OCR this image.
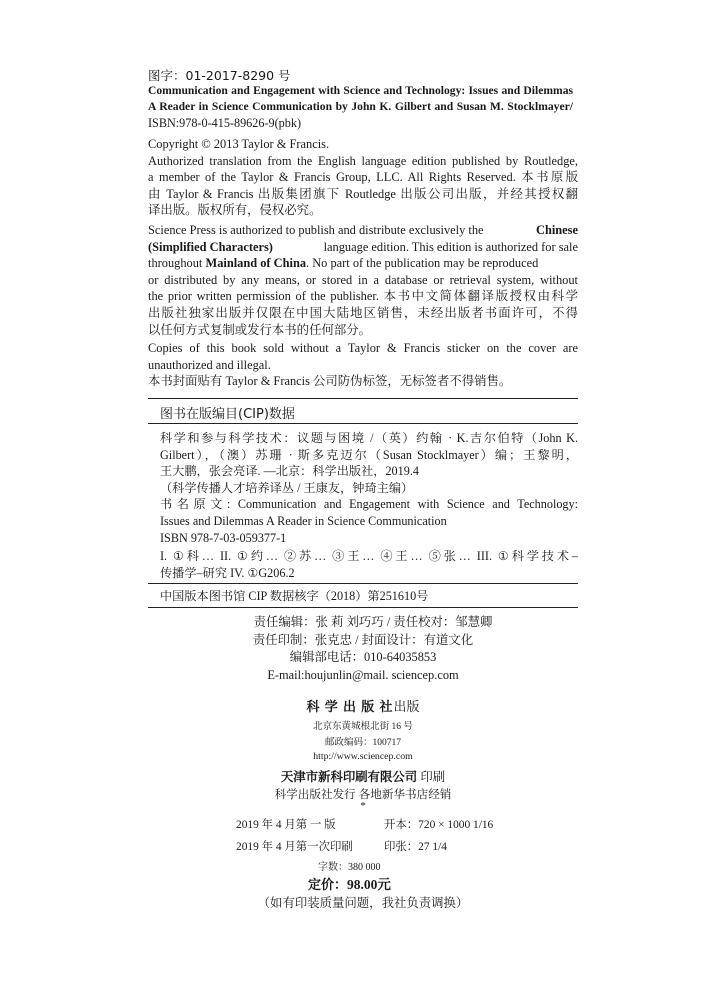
图字：01-2017-8290 号
Communication and Engagement with Science and Technology: Issues and Dilemmas
A Reader in Science Communication by John K. Gilbert and Susan M. Stocklmayer/
ISBN:978-0-415-89626-9(pbk)
Copyright © 2013 Taylor & Francis.
Authorized translation from the English language edition published by Routledge,
a member of the Taylor & Francis Group, LLC. All Rights Reserved. 本书原版
由 Taylor & Francis 出版集团旗下 Routledge 出版公司出版，并经其授权翻
译出版。版权所有，侵权必究。
Science Press is authorized to publish and distribute exclusively the	Chinese
(Simplified Characters)	language edition. This edition is authorized for sale
throughout
Mainland of China . No part of the publication may be reproduced
or distributed by any means, or stored in a database or retrieval system, without
the prior written permission of the publisher. 本书中文简体翻译版授权由科学
出版社独家出版并仅限在中国大陆地区销售，未经出版者书面许可，不得
以任何方式复制或发行本书的任何部分。
Copies of this book sold without a Taylor & Francis sticker on the cover are
unauthorized and illegal.
本书封面贴有 Taylor & Francis 公司防伪标签，无标签者不得销售。
图书在版编目(CIP)数据
科学和参与科学技术：议题与困境 /（英）约翰 · K.吉尔伯特（John K.
Gilbert），（澳）苏珊 · 斯多克迈尔（Susan Stocklmayer）编；王黎明，
王大鹏，张会亮译. —北京：科学出版社，2019.4
（科学传播人才培养译丛 / 王康友，钟琦主编）
书名原文: Communication and Engagement with Science and Technology:
Issues and Dilemmas A Reader in Science Communication
ISBN 978-7-03-059377-1
I. ①科… II. ①约… ②苏… ③王… ④王… ⑤张… III. ①科学技术–
传播学–研究 IV. ①G206.2
中国版本图书馆 CIP 数据核字（2018）第251610号
责任编辑：张 莉 刘巧巧 / 责任校对：邹慧卿
责任印制：张克忠 / 封面设计：有道文化
编辑部电话：010-64035853
E-mail:houjunlin@mail. sciencep.com
科 学 出 版 社出版
北京东黄城根北街 16 号
邮政编码：100717
http://www.sciencep.com
天津市新科印刷有限公司 印刷
科学出版社发行 各地新华书店经销
*
2019 年 4 月第 一 版	开本：720 × 1000 1/16
2019 年 4 月第一次印刷	印张：27 1/4
字数：380 000
定价：98.00元
（如有印装质量问题，我社负责调换）
